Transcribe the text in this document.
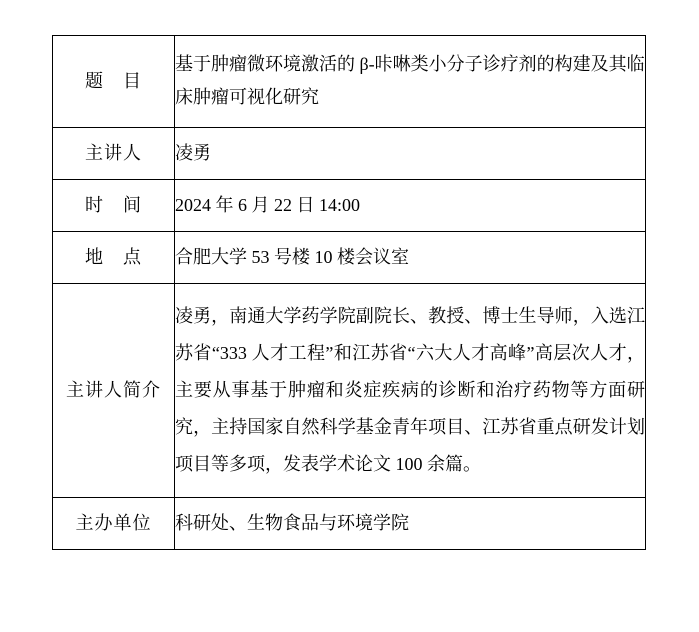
题　目	基于肿瘤微环境激活的 β-咔啉类小分子诊疗剂的构建及其临床肿瘤可视化研究

主讲人	凌勇

时　间	2024 年 6 月 22 日 14:00

地　点	合肥大学 53 号楼 10 楼会议室

主讲人简介	凌勇，南通大学药学院副院长、教授、博士生导师，入选江苏省“333 人才工程”和江苏省“六大人才高峰”高层次人才，主要从事基于肿瘤和炎症疾病的诊断和治疗药物等方面研究，主持国家自然科学基金青年项目、江苏省重点研发计划项目等多项，发表学术论文 100 余篇。

主办单位	科研处、生物食品与环境学院
